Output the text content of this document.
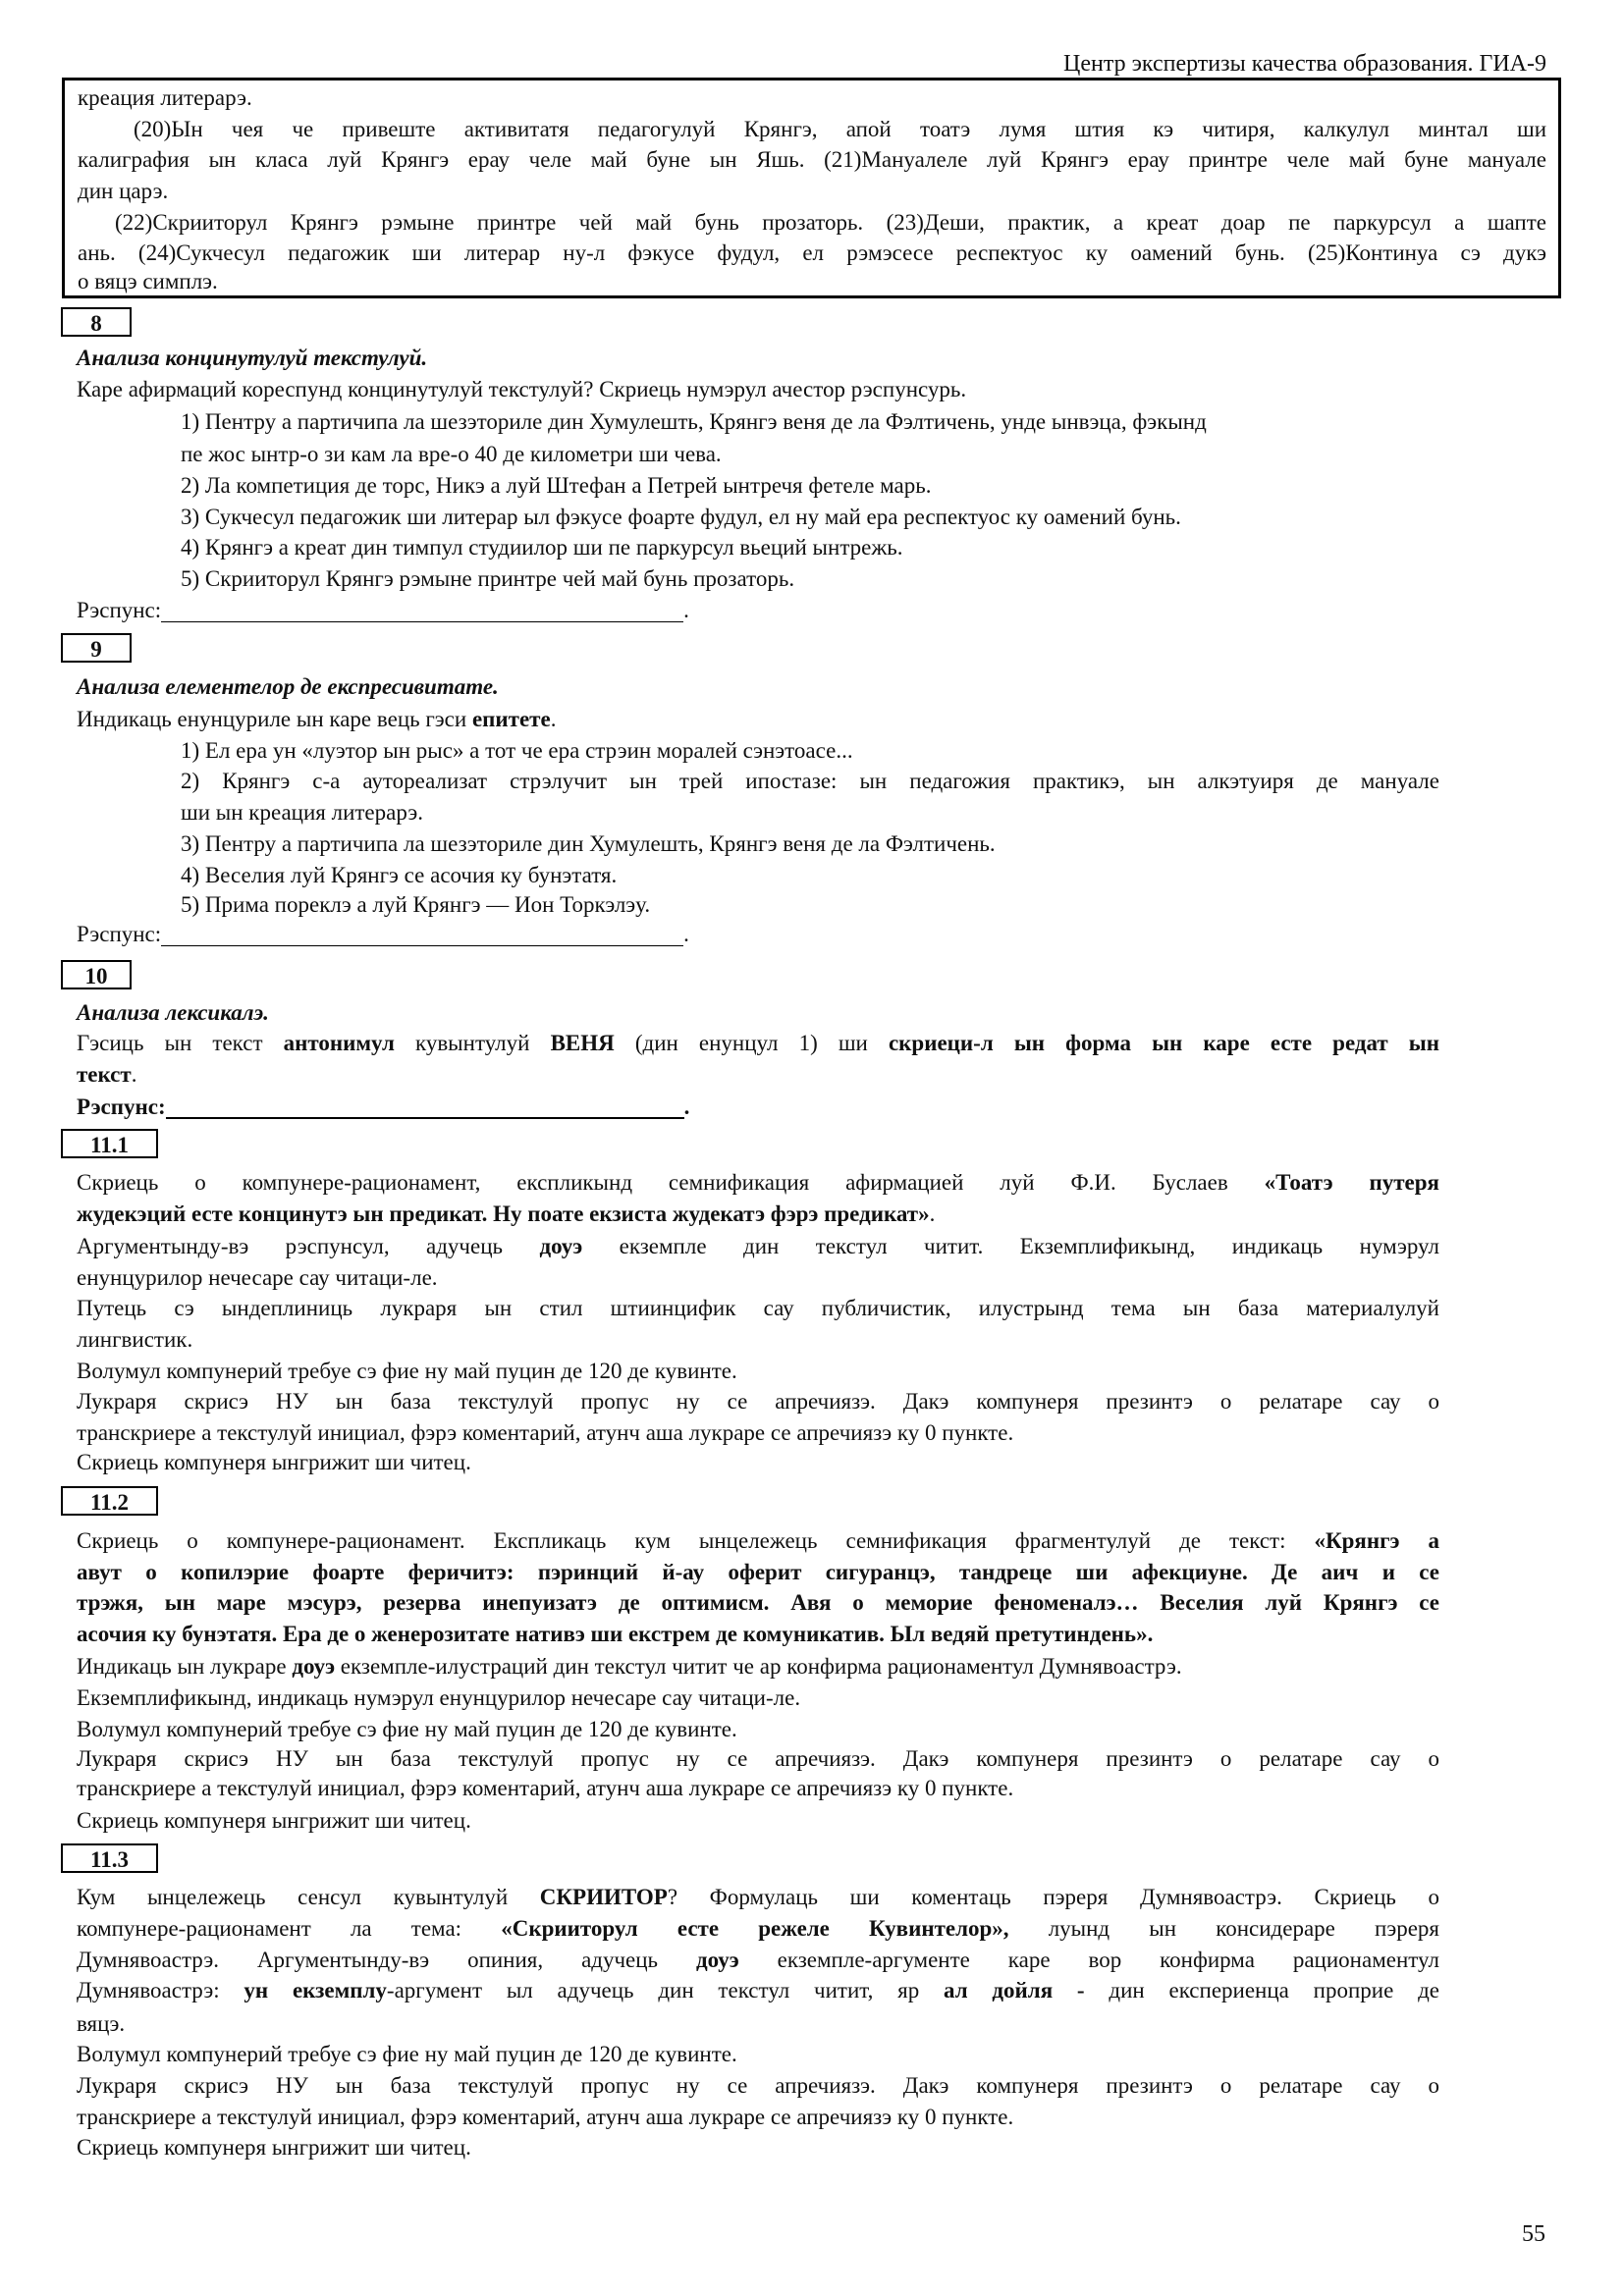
Центр экспертизы качества образования. ГИА-9
креация литерарэ.
(20)Ын чея че привеште активитатя педагогулуй Крянгэ, апой тоатэ лумя штия кэ читиря, калкулул минтал ши
калиграфия ын класа луй Крянгэ ерау челе май буне ын Яшь. (21)Мануалеле луй Крянгэ ерау принтре челе май буне мануале
дин царэ.
(22)Скрииторул Крянгэ рэмыне принтре чей май бунь прозаторь. (23)Деши, практик, а креат доар пе паркурсул а шапте
ань. (24)Сукчесул педагожик ши литерар ну-л фэкусе фудул, ел рэмэсесе респектуос ку оамений бунь. (25)Континуа сэ дукэ
о вяцэ симплэ.
8
Анализа концинутулуй текстулуй.
Каре афирмаций кореспунд концинутулуй текстулуй? Скриець нумэрул ачестор рэспунсурь.
1) Пентру а партичипа ла шезэториле дин Хумулешть, Крянгэ веня де ла Фэлтичень, унде ынвэца, фэкынд
пе жос ынтр-о зи кам ла вре-о 40 де километри ши чева.
2) Ла компетиция де торс, Никэ а луй Штефан а Петрей ынтречя фетеле марь.
3) Сукчесул педагожик ши литерар ыл фэкусе фоарте фудул, ел ну май ера респектуос ку оамений бунь.
4) Крянгэ а креат дин тимпул студиилор ши пе паркурсул вьеций ынтрежь.
5) Скрииторул Крянгэ рэмыне принтре чей май бунь прозаторь.
Рэспунс:	.
9
Анализа елементелор де експресивитате.
Индикаць енунцуриле ын каре вець гэси епитете.
1) Ел ера ун «луэтор ын рыс» а тот че ера стрэин моралей сэнэтоасе...
2) Крянгэ с-а аутореализат стрэлучит ын трей ипостазе: ын педагожия практикэ, ын алкэтуиря де мануале
ши ын креация литерарэ.
3) Пентру а партичипа ла шезэториле дин Хумулешть, Крянгэ веня де ла Фэлтичень.
4) Веселия луй Крянгэ се асочия ку бунэтатя.
5) Прима пореклэ а луй Крянгэ — Ион Торкэлэу.
Рэспунс:	.
10
Анализа лексикалэ.
Гэсиць ын текст антонимул кувынтулуй ВЕНЯ (дин енунцул 1) ши скриеци-л ын форма ын каре есте редат ын
текст.
Рэспунс:	.
11.1
Скриець о компунере-рационамент, експликынд семнификация афирмацией луй Ф.И. Буслаев «Тоатэ путеря
жудекэций есте концинутэ ын предикат. Ну поате екзиста жудекатэ фэрэ предикат».
Аргументынду-вэ рэспунсул, адучець доуэ екземпле дин текстул читит. Екземплификынд, индикаць нумэрул
енунцурилор нечесаре сау читаци-ле.
Путець сэ ындеплиниць лукраря ын стил штиинцифик сау публичистик, илустрынд тема ын база материалулуй
лингвистик.
Волумул компунерий требуе сэ фие ну май пуцин де 120 де кувинте.
Лукраря скрисэ НУ ын база текстулуй пропус ну се апречиязэ. Дакэ компунеря презинтэ о релатаре сау о
транскриере а текстулуй инициал, фэрэ коментарий, атунч аша лукраре се апречиязэ ку 0 пункте.
Скриець компунеря ынгрижит ши читец.
11.2
Скриець о компунере-рационамент. Експликаць кум ынцележець семнификация фрагментулуй де текст: «Крянгэ а
авут о копилэрие фоарте феричитэ: пэринций й-ау оферит сигуранцэ, тандреце ши афекциуне. Де аич и се
трэжя, ын маре мэсурэ, резерва инепуизатэ де оптимисм. Авя о меморие феноменалэ… Веселия луй Крянгэ се
асочия ку бунэтатя. Ера де о женерозитате нативэ ши екстрем де комуникатив. Ыл ведяй претутиндень».
Индикаць ын лукраре доуэ екземпле-илустраций дин текстул читит че ар конфирма рационаментул Думнявоастрэ.
Екземплификынд, индикаць нумэрул енунцурилор нечесаре сау читаци-ле.
Волумул компунерий требуе сэ фие ну май пуцин де 120 де кувинте.
Лукраря скрисэ НУ ын база текстулуй пропус ну се апречиязэ. Дакэ компунеря презинтэ о релатаре сау о
транскриере а текстулуй инициал, фэрэ коментарий, атунч аша лукраре се апречиязэ ку 0 пункте.
Скриець компунеря ынгрижит ши читец.
11.3
Кум ынцележець сенсул кувынтулуй СКРИИТОР? Формулаць ши коментаць пэреря Думнявоастрэ. Скриець о
компунере-рационамент ла тема: «Скрииторул есте режеле Кувинтелор», луынд ын консидераре пэреря
Думнявоастрэ. Аргументынду-вэ опиния, адучець доуэ екземпле-аргументе каре вор конфирма рационаментул
Думнявоастрэ: ун екземплу-аргумент ыл адучець дин текстул читит, яр ал дойля - дин експериенца проприе де
вяцэ.
Волумул компунерий требуе сэ фие ну май пуцин де 120 де кувинте.
Лукраря скрисэ НУ ын база текстулуй пропус ну се апречиязэ. Дакэ компунеря презинтэ о релатаре сау о
транскриере а текстулуй инициал, фэрэ коментарий, атунч аша лукраре се апречиязэ ку 0 пункте.
Скриець компунеря ынгрижит ши читец.
55
